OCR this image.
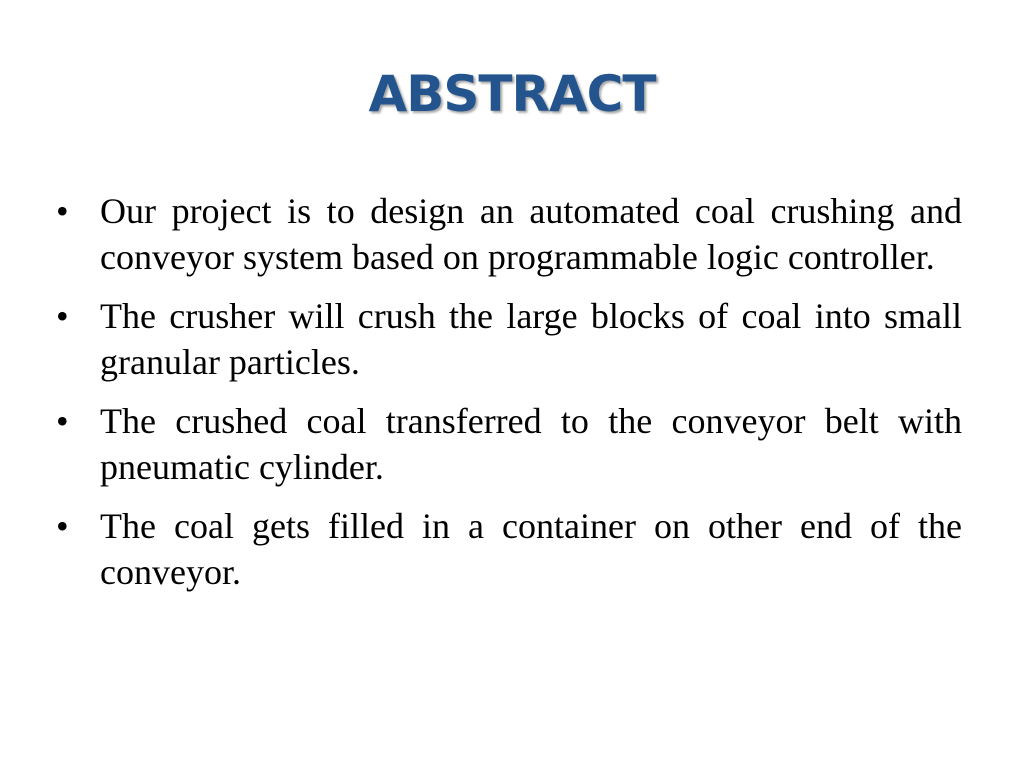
ABSTRACT
• Our project is to design an automated coal crushing and conveyor system based on programmable logic controller.
• The crusher will crush the large blocks of coal into small granular particles.
• The crushed coal transferred to the conveyor belt with pneumatic cylinder.
• The coal gets filled in a container on other end of the conveyor.
